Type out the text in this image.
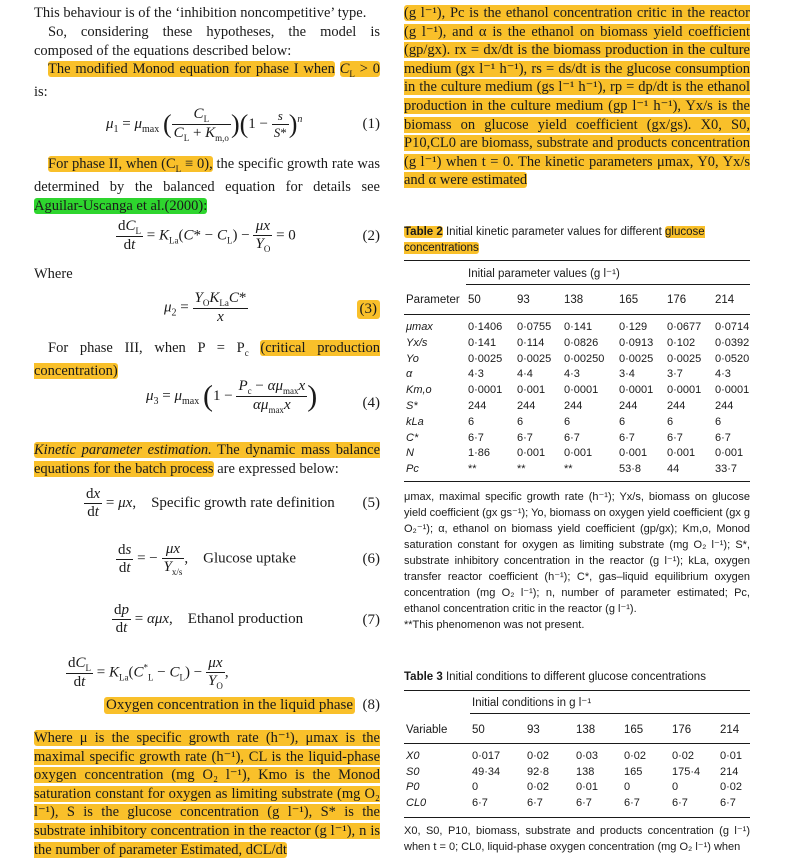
This behaviour is of the ‘inhibition noncompetitive’ type.

So, considering these hypotheses, the model is composed of the equations described below:

The modified Monod equation for phase I when $C_L > 0$ is:

$\mu_1 = \mu_{max}$ ( $\frac{C_L}{C_L + K_{m,o}} )(1 - \frac{s}{S*} )^n$	(1)

For phase II, when $(C_L \equiv 0)$, the specific growth rate was determined by the balanced equation for details see Aguilar-Uscanga et al.(2000):

$\frac{dC_L}{dt} = K_{La}(C* - C_L) - \frac{\mu x}{Y_O} = 0$	(2)
Where
$\mu_2 = \frac{Y_OK_{La}C*}{x}$	(3)

For phase III, when $P = P_c$ (critical production concentration)

$\mu_3 = \mu_{max}$ ($1 - \frac{P_c - \alpha\mu_{max}x}{\alpha\mu_{max}x}$ )	(4)

Kinetic parameter estimation. The dynamic mass balance equations for the batch process are expressed below:

$\frac{dx}{dt} = \mu x$,    Specific growth rate definition (5)
$\frac{ds}{dt}$ = − $\frac{\mu x}{Y_{x/s}}$ ,    Glucose uptake	(6)
$\frac{dp}{dt} = \alpha\mu x$,    Ethanol production	(7)
$\frac{dC_L}{dt} = K_{La}(C^*_L - C_L) - \frac{\mu x}{Y_O}$ ,
Oxygen concentration in the liquid phase (8)

Where μ is the specific growth rate (h⁻¹), μmax is the maximal specific growth rate (h⁻¹), CL is the liquid-phase oxygen concentration (mg O₂ l⁻¹), Kmo is the Monod saturation constant for oxygen as limiting substrate (mg O₂ l⁻¹), S is the glucose concentration (g l⁻¹), S* is the substrate inhibitory concentration in the reactor (g l⁻¹), n is the number of parameter Estimated, dCL/dt

(g l⁻¹), Pc is the ethanol concentration critic in the reactor (g l⁻¹), and α is the ethanol on biomass yield coefficient (gp/gx). rx = dx/dt is the biomass production in the culture medium (gx l⁻¹ h⁻¹), rs = ds/dt is the glucose consumption in the culture medium (gs l⁻¹ h⁻¹), rp = dp/dt is the ethanol production in the culture medium (gp l⁻¹ h⁻¹), Yx/s is the biomass on glucose yield coefficient (gx/gs). X0, S0, P10,CL0 are biomass, substrate and products concentration (g l⁻¹) when t = 0. The kinetic parameters μmax, Y0, Yx/s and α were estimated

Table 2 Initial kinetic parameter values for different glucose concentrations
Initial parameter values (g l⁻¹)
Parameter 50	93	138	165	176	214
μmax	0·1406 0·0755 0·141 0·129 0·0677 0·0714
Yx/s	0·141 0·114 0·0826 0·0913 0·102 0·0392
Yo	0·0025 0·0025 0·00250 0·0025 0·0025 0·0520
α	4·3	4·4	4·3	3·4	3·7	4·3
Km,o	0·0001 0·001 0·0001 0·0001 0·0001 0·0001
S*	244	244	244	244	244	244
kLa	6	6	6	6	6	6
C*	6·7	6·7	6·7	6·7	6·7	6·7
N	1·86 0·001 0·001 0·001 0·001 0·001
Pc	**	**	**	53·8 44	33·7
μmax, maximal specific growth rate (h⁻¹); Yx/s, biomass on glucose yield coefficient (gx gs⁻¹); Yo, biomass on oxygen yield coefficient (gx g O₂⁻¹); α, ethanol on biomass yield coefficient (gp/gx); Km,o, Monod saturation constant for oxygen as limiting substrate (mg O₂ l⁻¹); S*, substrate inhibitory concentration in the reactor (g l⁻¹); kLa, oxygen transfer reactor coefficient (h⁻¹); C*, gas–liquid equilibrium oxygen concentration (mg O₂ l⁻¹); n, number of parameter estimated; Pc, ethanol concentration critic in the reactor (g l⁻¹).
**This phenomenon was not present.
Table 3 Initial conditions to different glucose concentrations
Initial conditions in g l⁻¹
Variable 50	93	138	165	176	214
X0	0·017 0·02 0·03 0·02 0·02 0·01
S0	49·34 92·8 138	165	175·4 214
P0	0	0·02 0·01 0	0	0·02
CL0	6·7	6·7	6·7	6·7	6·7	6·7
X0, S0, P10, biomass, substrate and products concentration (g l⁻¹) when t = 0; CL0, liquid-phase oxygen concentration (mg O₂ l⁻¹) when
